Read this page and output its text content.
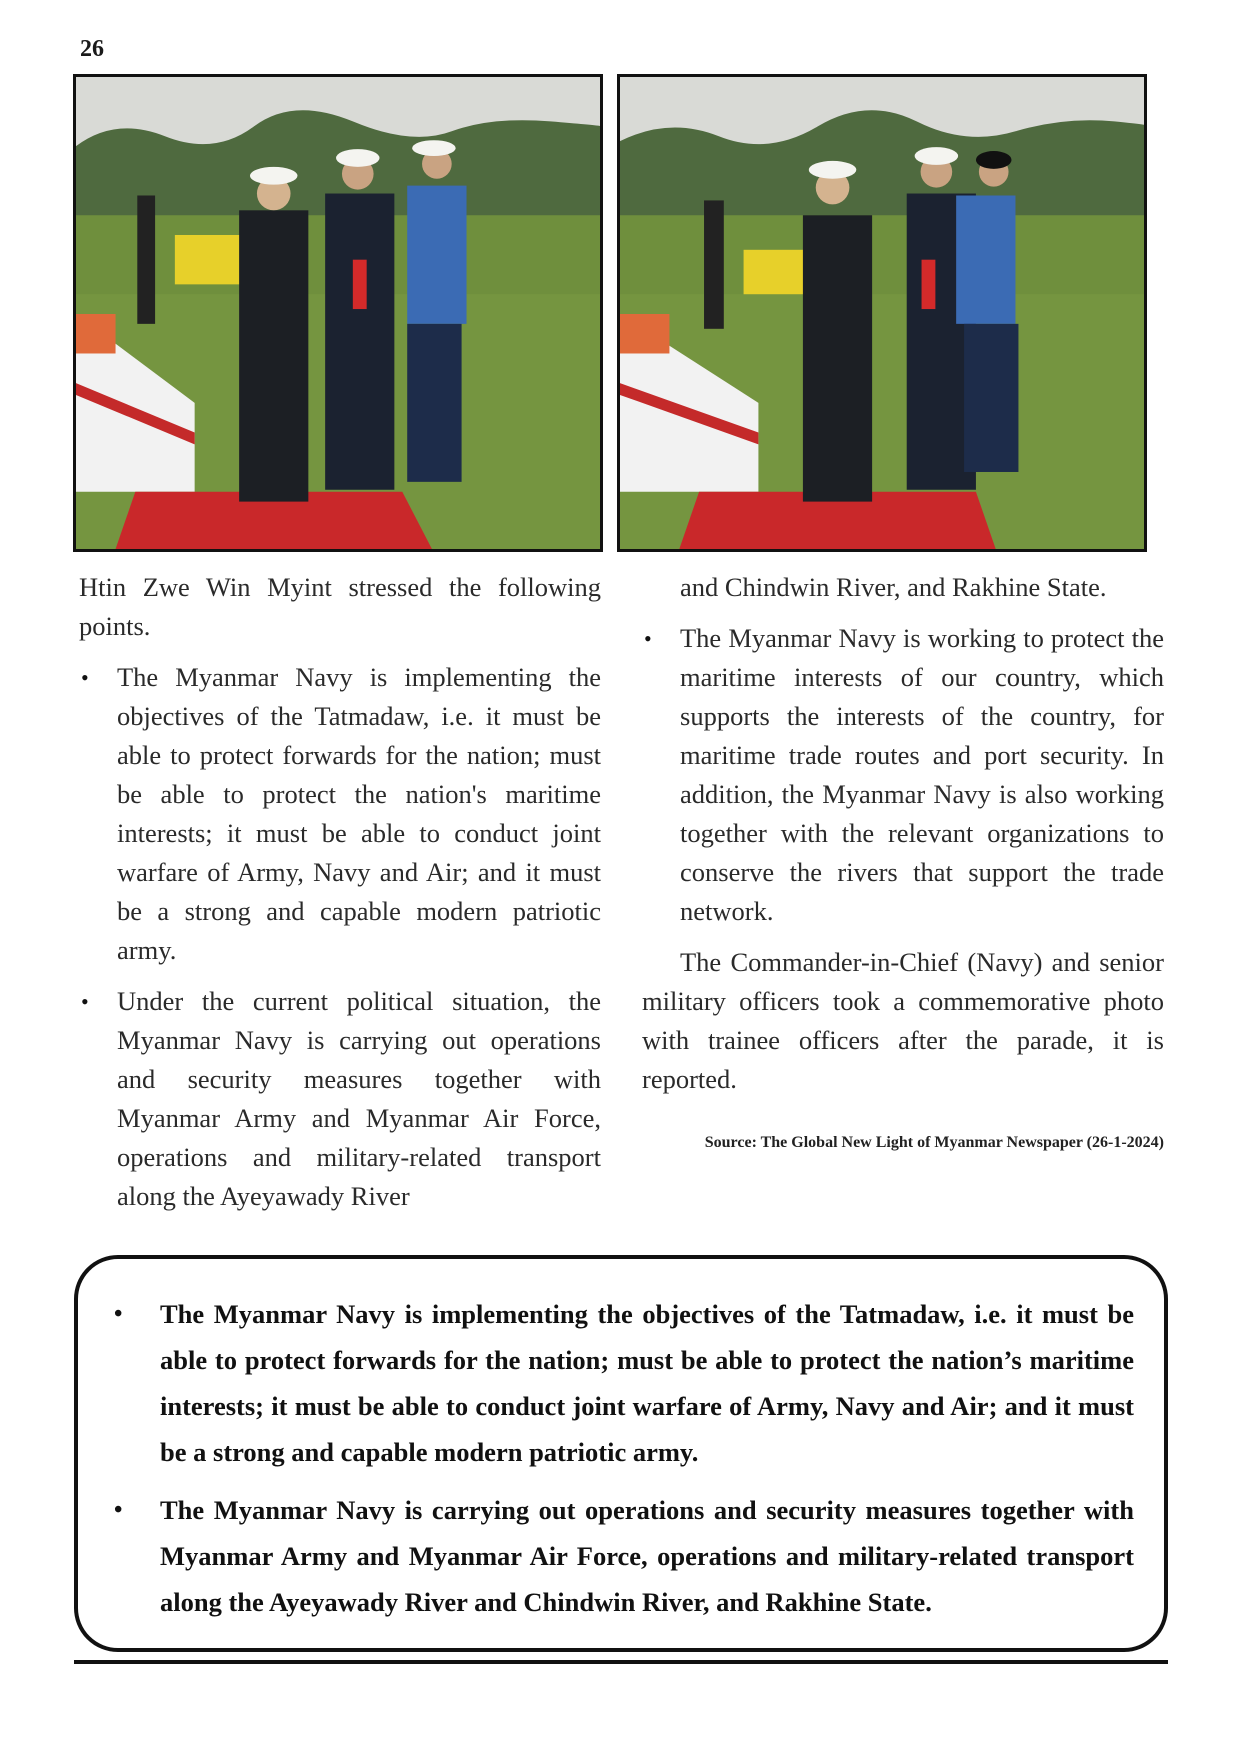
26

Htin Zwe Win Myint stressed the following points.

• The Myanmar Navy is implementing the objectives of the Tatmadaw, i.e. it must be able to protect forwards for the nation; must be able to protect the nation's maritime interests; it must be able to conduct joint warfare of Army, Navy and Air; and it must be a strong and capable modern patriotic army.
• Under the current political situation, the Myanmar Navy is carrying out operations and security measures together with Myanmar Army and Myanmar Air Force, operations and military-related transport along the Ayeyawady River

and Chindwin River, and Rakhine State.

• The Myanmar Navy is working to protect the maritime interests of our country, which supports the interests of the country, for maritime trade routes and port security. In addition, the Myanmar Navy is also working together with the relevant organizations to conserve the rivers that support the trade network.

The Commander-in-Chief (Navy) and senior military officers took a commemorative photo with trainee officers after the parade, it is reported.

Source: The Global New Light of Myanmar Newspaper (26-1-2024)

• The Myanmar Navy is implementing the objectives of the Tatmadaw, i.e. it must be able to protect forwards for the nation; must be able to protect the nation’s maritime interests; it must be able to conduct joint warfare of Army, Navy and Air; and it must be a strong and capable modern patriotic army.
• The Myanmar Navy is carrying out operations and security measures together with Myanmar Army and Myanmar Air Force, operations and military-related transport along the Ayeyawady River and Chindwin River, and Rakhine State.
